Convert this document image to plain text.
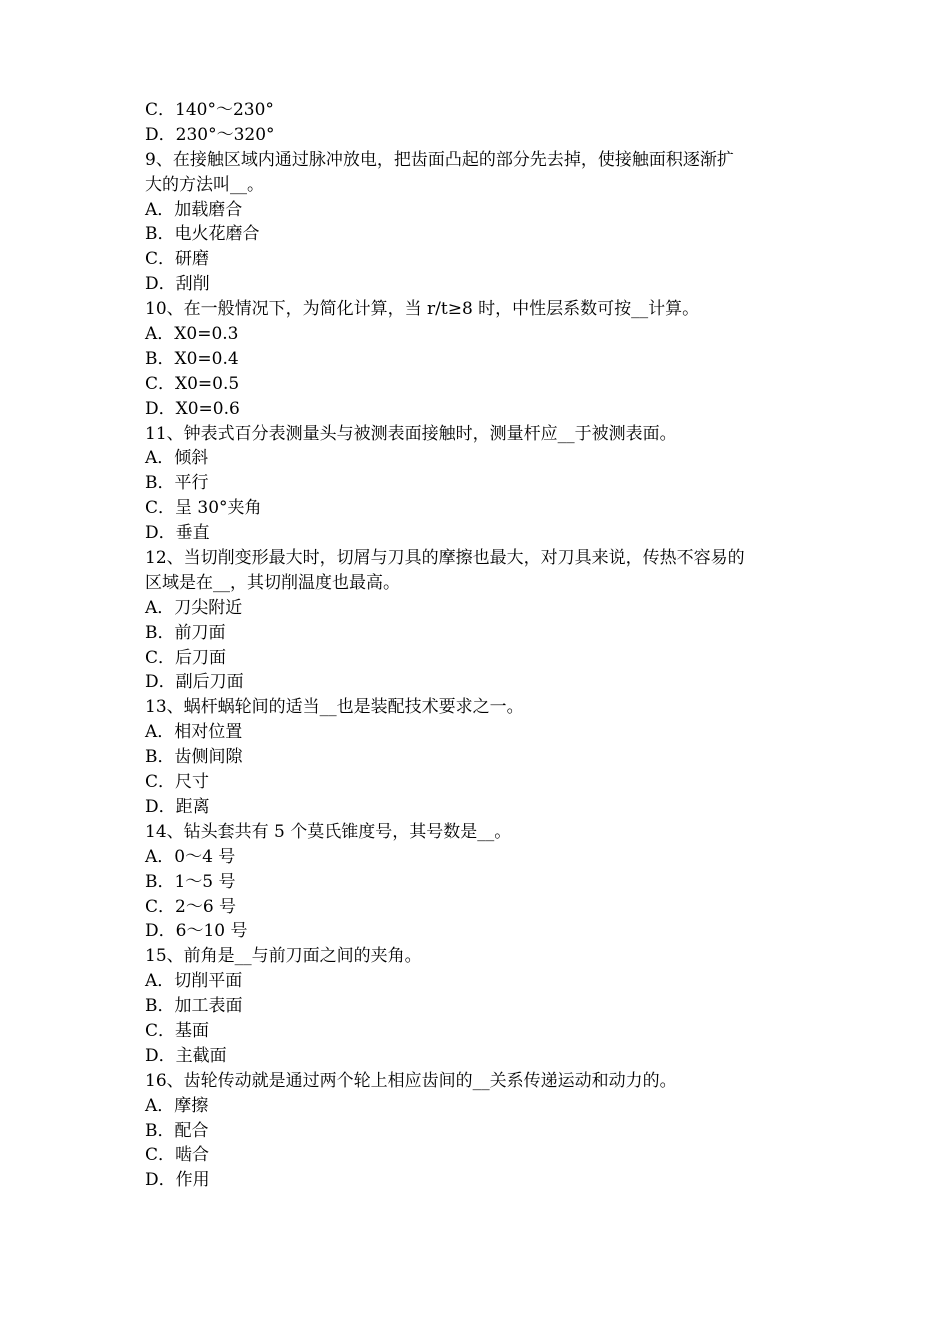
C．140°～230°
D．230°～320°
9、在接触区域内通过脉冲放电，把齿面凸起的部分先去掉，使接触面积逐渐扩
大的方法叫__。
A．加载磨合
B．电火花磨合
C．研磨
D．刮削
10、在一般情况下，为简化计算，当 r/t≥8 时，中性层系数可按__计算。
A．X0=0.3
B．X0=0.4
C．X0=0.5
D．X0=0.6
11、钟表式百分表测量头与被测表面接触时，测量杆应__于被测表面。
A．倾斜
B．平行
C．呈 30°夹角
D．垂直
12、当切削变形最大时，切屑与刀具的摩擦也最大，对刀具来说，传热不容易的
区域是在__，其切削温度也最高。
A．刀尖附近
B．前刀面
C．后刀面
D．副后刀面
13、蜗杆蜗轮间的适当__也是装配技术要求之一。
A．相对位置
B．齿侧间隙
C．尺寸
D．距离
14、钻头套共有 5 个莫氏锥度号，其号数是__。
A．0～4 号
B．1～5 号
C．2～6 号
D．6～10 号
15、前角是__与前刀面之间的夹角。
A．切削平面
B．加工表面
C．基面
D．主截面
16、齿轮传动就是通过两个轮上相应齿间的__关系传递运动和动力的。
A．摩擦
B．配合
C．啮合
D．作用
